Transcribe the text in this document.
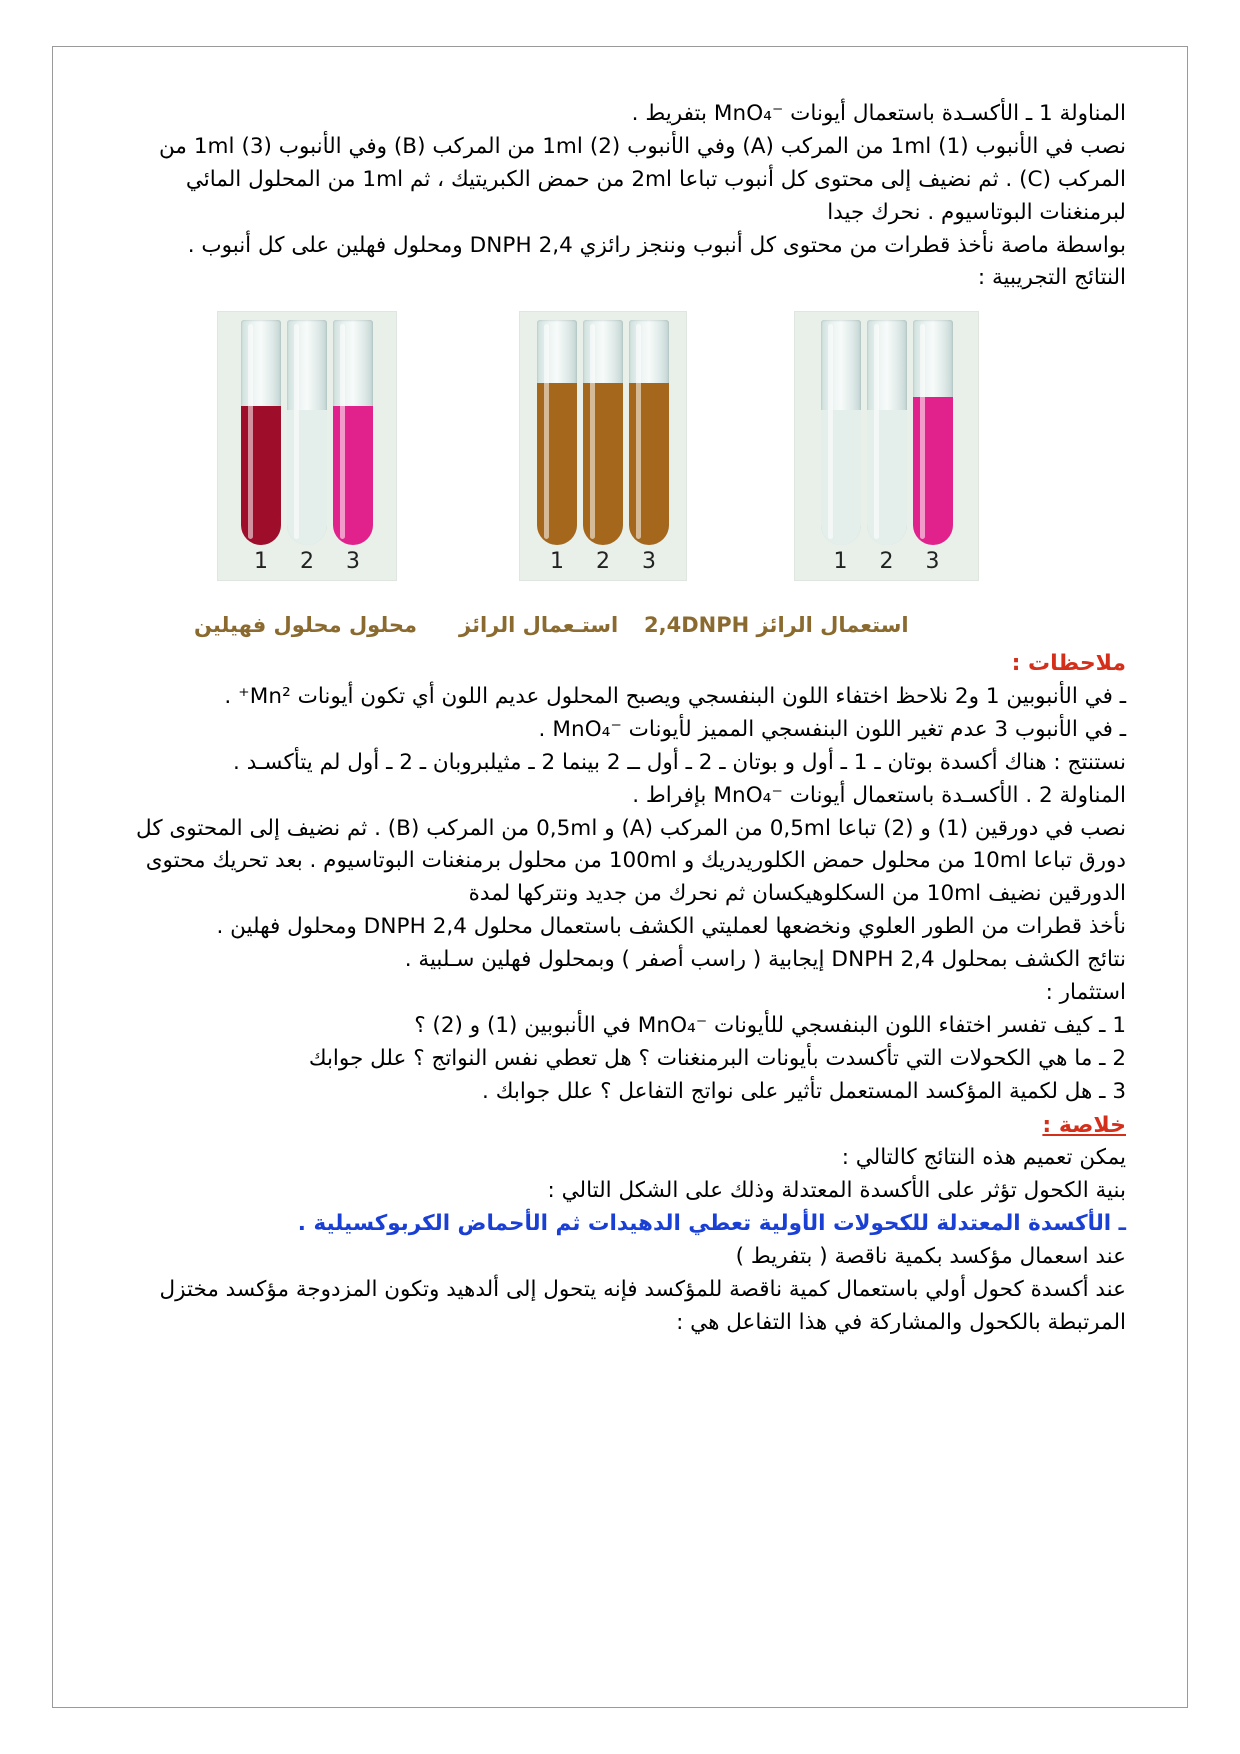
المناولة 1 ـ الأكسـدة باستعمال أيونات ⁻MnO₄ بتفريط .

نصب في الأنبوب (1) 1ml من المركب (A) وفي الأنبوب (2) 1ml من المركب (B) وفي الأنبوب (3) 1ml من المركب (C) . ثم نضيف إلى محتوى كل أنبوب تباعا 2ml من حمض الكبريتيك ، ثم 1ml من المحلول المائي لبرمنغنات البوتاسيوم . نحرك جيدا

بواسطة ماصة نأخذ قطرات من محتوى كل أنبوب وننجز رائزي 2,4 DNPH ومحلول فهلين على كل أنبوب .

النتائج التجريبية :

1 2 3	1 2 3	1 2 3
استعمال الرائز 2,4DNPH
استـعمال الرائز
محلول محلول فهيلين

ملاحظات :

ـ في الأنبوبين 1 و2 نلاحظ اختفاء اللون البنفسجي ويصبح المحلول عديم اللون أي تكون أيونات Mn²⁺ .

ـ في الأنبوب 3 عدم تغير اللون البنفسجي المميز لأيونات ⁻MnO₄ .

نستنتج : هناك أكسدة بوتان ـ 1 ـ أول و بوتان ـ 2 ـ أول ــ 2 بينما 2 ـ مثيلبروبان ـ 2 ـ أول لم يتأكسـد .

المناولة 2 . الأكسـدة باستعمال أيونات ⁻MnO₄ بإفراط .

نصب في دورقين (1) و (2) تباعا 0,5ml من المركب (A) و 0,5ml من المركب (B) . ثم نضيف إلى المحتوى كل دورق تباعا 10ml من محلول حمض الكلوريدريك و 100ml من محلول برمنغنات البوتاسيوم . بعد تحريك محتوى الدورقين نضيف 10ml من السكلوهيكسان ثم نحرك من جديد ونتركها لمدة

نأخذ قطرات من الطور العلوي ونخضعها لعمليتي الكشف باستعمال محلول 2,4 DNPH ومحلول فهلين .

نتائج الكشف بمحلول 2,4 DNPH إيجابية ( راسب أصفر ) وبمحلول فهلين سـلبية .

استثمار :

1 ـ كيف تفسر اختفاء اللون البنفسجي للأيونات ⁻MnO₄ في الأنبوبين (1) و (2) ؟

2 ـ ما هي الكحولات التي تأكسدت بأيونات البرمنغنات ؟ هل تعطي نفس النواتج ؟ علل جوابك

3 ـ هل لكمية المؤكسد المستعمل تأثير على نواتج التفاعل ؟ علل جوابك .

خلاصة :

يمكن تعميم هذه النتائج كالتالي :

بنية الكحول تؤثر على الأكسدة المعتدلة وذلك على الشكل التالي :

ـ الأكسدة المعتدلة للكحولات الأولية تعطي الدهيدات ثم الأحماض الكربوكسيلية .

عند اسعمال مؤكسد بكمية ناقصة ( بتفريط )

عند أكسدة كحول أولي باستعمال كمية ناقصة للمؤكسد فإنه يتحول إلى ألدهيد وتكون المزدوجة مؤكسد مختزل المرتبطة بالكحول والمشاركة في هذا التفاعل هي :
